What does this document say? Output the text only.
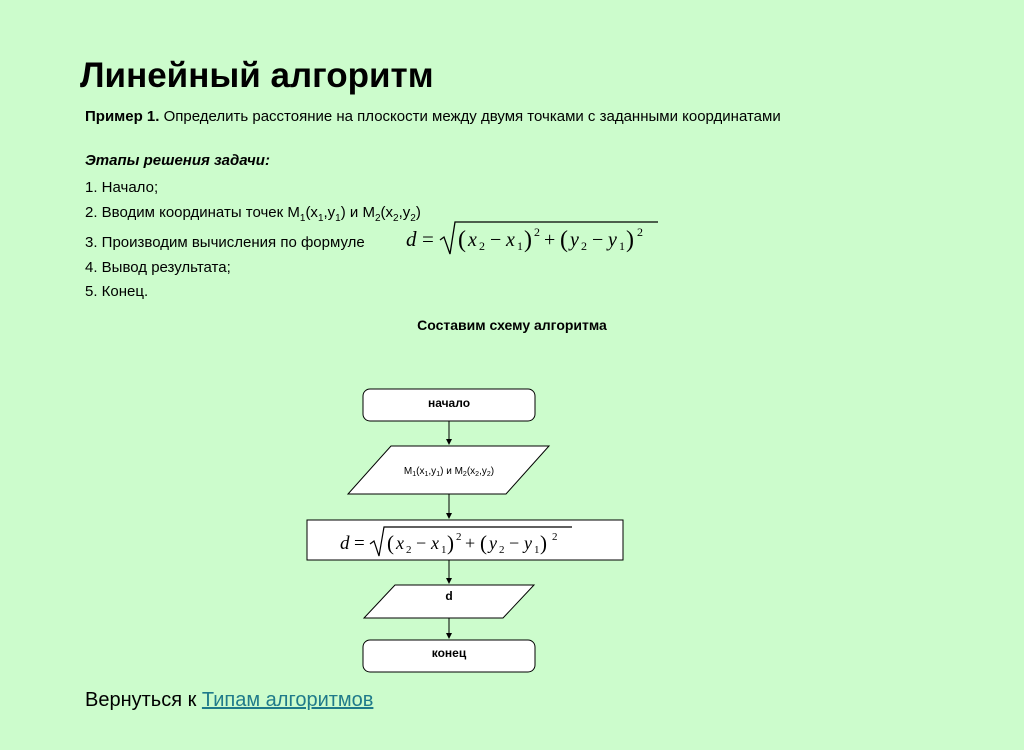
Линейный алгоритм
Пример 1. Определить расстояние на плоскости между двумя точками с заданными координатами
Этапы решения задачи:
1. Начало;
2. Вводим координаты точек $M_1(x_1,y_1)$ и $M_2(x_2,y_2)$
3. Производим вычисления по формуле
4. Вывод результата;
5. Конец.
d = ( x 2 − x 1 ) 2 + ( y 2 − y 1 ) 2
Составим схему алгоритма
начало
d
конец
$M_1(x_1,y_1)$ и $M_2(x_2,y_2)$
d = ( x 2 − x 1 ) 2 + ( y 2 − y 1 ) 2
Вернуться к Типам алгоритмов
